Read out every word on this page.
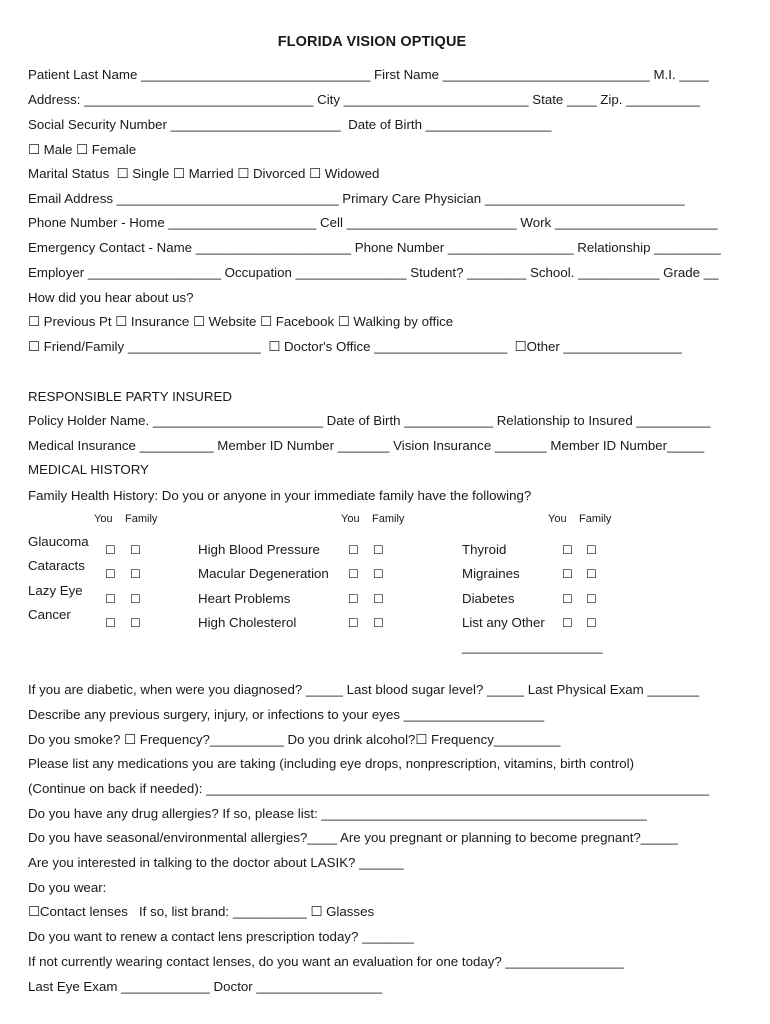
FLORIDA VISION OPTIQUE
Patient Last Name _______________________________ First Name ____________________________ M.I. ____
Address: _______________________________ City _________________________ State ____ Zip. __________
Social Security Number _______________________  Date of Birth _________________
☐ Male ☐ Female
Marital Status  ☐ Single ☐ Married ☐ Divorced ☐ Widowed
Email Address ______________________________ Primary Care Physician ___________________________
Phone Number - Home ____________________ Cell _______________________ Work ______________________
Emergency Contact - Name _____________________ Phone Number _________________ Relationship _________
Employer __________________ Occupation _______________ Student? ________ School. ___________ Grade __
How did you hear about us?
☐ Previous Pt ☐ Insurance ☐ Website ☐ Facebook ☐ Walking by office
☐ Friend/Family __________________  ☐ Doctor's Office __________________  ☐Other ________________
RESPONSIBLE PARTY INSURED
Policy Holder Name. _______________________ Date of Birth ____________ Relationship to Insured __________
Medical Insurance __________ Member ID Number _______ Vision Insurance _______ Member ID Number_____
MEDICAL HISTORY
Family Health History: Do you or anyone in your immediate family have the following?
You Family	You Family	You Family
Glaucoma
Cataracts
Lazy Eye
Cancer
High Blood Pressure
Macular Degeneration
Heart Problems
High Cholesterol
Thyroid
Migraines
Diabetes
List any Other
___________________
☐ ☐
☐ ☐
☐ ☐
☐ ☐
☐ ☐
☐ ☐
☐ ☐
☐ ☐
☐ ☐
☐ ☐
☐ ☐
☐ ☐
If you are diabetic, when were you diagnosed? _____ Last blood sugar level? _____ Last Physical Exam _______
Describe any previous surgery, injury, or infections to your eyes ___________________
Do you smoke? ☐ Frequency?__________ Do you drink alcohol?☐ Frequency_________
Please list any medications you are taking (including eye drops, nonprescription, vitamins, birth control)
(Continue on back if needed): ____________________________________________________________________
Do you have any drug allergies? If so, please list: ____________________________________________
Do you have seasonal/environmental allergies?____ Are you pregnant or planning to become pregnant?_____
Are you interested in talking to the doctor about LASIK? ______
Do you wear:
☐Contact lenses   If so, list brand: __________ ☐ Glasses
Do you want to renew a contact lens prescription today? _______
If not currently wearing contact lenses, do you want an evaluation for one today? ________________
Last Eye Exam ____________ Doctor _________________
